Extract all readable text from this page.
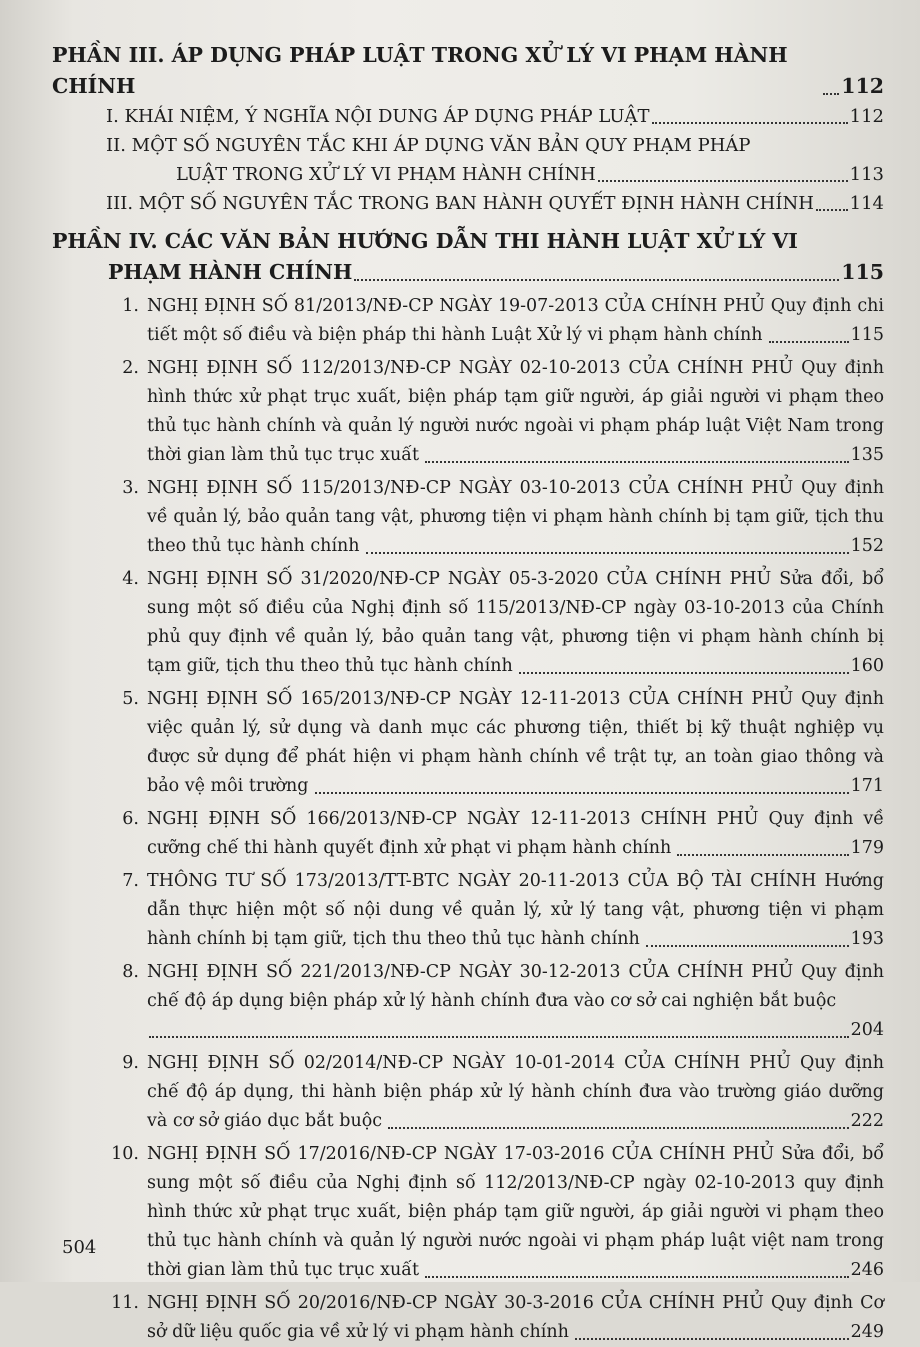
PHẦN III. ÁP DỤNG PHÁP LUẬT TRONG XỬ LÝ VI PHẠM HÀNH CHÍNH	112
I. KHÁI NIỆM, Ý NGHĨA NỘI DUNG ÁP DỤNG PHÁP LUẬT	112
II. MỘT SỐ NGUYÊN TẮC KHI ÁP DỤNG VĂN BẢN QUY PHẠM PHÁP
LUẬT TRONG XỬ LÝ VI PHẠM HÀNH CHÍNH	113
III. MỘT SỐ NGUYÊN TẮC TRONG BAN HÀNH QUYẾT ĐỊNH HÀNH CHÍNH 114
PHẦN IV. CÁC VĂN BẢN HƯỚNG DẪN THI HÀNH LUẬT XỬ LÝ VI
PHẠM HÀNH CHÍNH	115
1. NGHỊ ĐỊNH SỐ 81/2013/NĐ-CP NGÀY 19-07-2013 CỦA CHÍNH PHỦ Quy định chi tiết một số điều và biện pháp thi hành Luật Xử lý vi phạm hành chính	115
2. NGHỊ ĐỊNH SỐ 112/2013/NĐ-CP NGÀY 02-10-2013 CỦA CHÍNH PHỦ Quy định hình thức xử phạt trục xuất, biện pháp tạm giữ người, áp giải người vi phạm theo thủ tục hành chính và quản lý người nước ngoài vi phạm pháp luật Việt Nam trong thời gian làm thủ tục trục xuất	135
3. NGHỊ ĐỊNH SỐ 115/2013/NĐ-CP NGÀY 03-10-2013 CỦA CHÍNH PHỦ Quy định về quản lý, bảo quản tang vật, phương tiện vi phạm hành chính bị tạm giữ, tịch thu theo thủ tục hành chính	152
4. NGHỊ ĐỊNH SỐ 31/2020/NĐ-CP NGÀY 05-3-2020 CỦA CHÍNH PHỦ Sửa đổi, bổ sung một số điều của Nghị định số 115/2013/NĐ-CP ngày 03-10-2013 của Chính phủ quy định về quản lý, bảo quản tang vật, phương tiện vi phạm hành chính bị tạm giữ, tịch thu theo thủ tục hành chính	160
5. NGHỊ ĐỊNH SỐ 165/2013/NĐ-CP NGÀY 12-11-2013 CỦA CHÍNH PHỦ Quy định việc quản lý, sử dụng và danh mục các phương tiện, thiết bị kỹ thuật nghiệp vụ được sử dụng để phát hiện vi phạm hành chính về trật tự, an toàn giao thông và bảo vệ môi trường	171
6. NGHỊ ĐỊNH SỐ 166/2013/NĐ-CP NGÀY 12-11-2013 CHÍNH PHỦ Quy định về cưỡng chế thi hành quyết định xử phạt vi phạm hành chính	179
7. THÔNG TƯ SỐ 173/2013/TT-BTC NGÀY 20-11-2013 CỦA BỘ TÀI CHÍNH Hướng dẫn thực hiện một số nội dung về quản lý, xử lý tang vật, phương tiện vi phạm hành chính bị tạm giữ, tịch thu theo thủ tục hành chính	193
8. NGHỊ ĐỊNH SỐ 221/2013/NĐ-CP NGÀY 30-12-2013 CỦA CHÍNH PHỦ Quy định chế độ áp dụng biện pháp xử lý hành chính đưa vào cơ sở cai nghiện bắt buộc
204
9. NGHỊ ĐỊNH SỐ 02/2014/NĐ-CP NGÀY 10-01-2014 CỦA CHÍNH PHỦ Quy định chế độ áp dụng, thi hành biện pháp xử lý hành chính đưa vào trường giáo dưỡng và cơ sở giáo dục bắt buộc	222
10. NGHỊ ĐỊNH SỐ 17/2016/NĐ-CP NGÀY 17-03-2016 CỦA CHÍNH PHỦ Sửa đổi, bổ sung một số điều của Nghị định số 112/2013/NĐ-CP ngày 02-10-2013 quy định hình thức xử phạt trục xuất, biện pháp tạm giữ người, áp giải người vi phạm theo thủ tục hành chính và quản lý người nước ngoài vi phạm pháp luật việt nam trong thời gian làm thủ tục trục xuất	246
11. NGHỊ ĐỊNH SỐ 20/2016/NĐ-CP NGÀY 30-3-2016 CỦA CHÍNH PHỦ Quy định Cơ sở dữ liệu quốc gia về xử lý vi phạm hành chính	249
504
